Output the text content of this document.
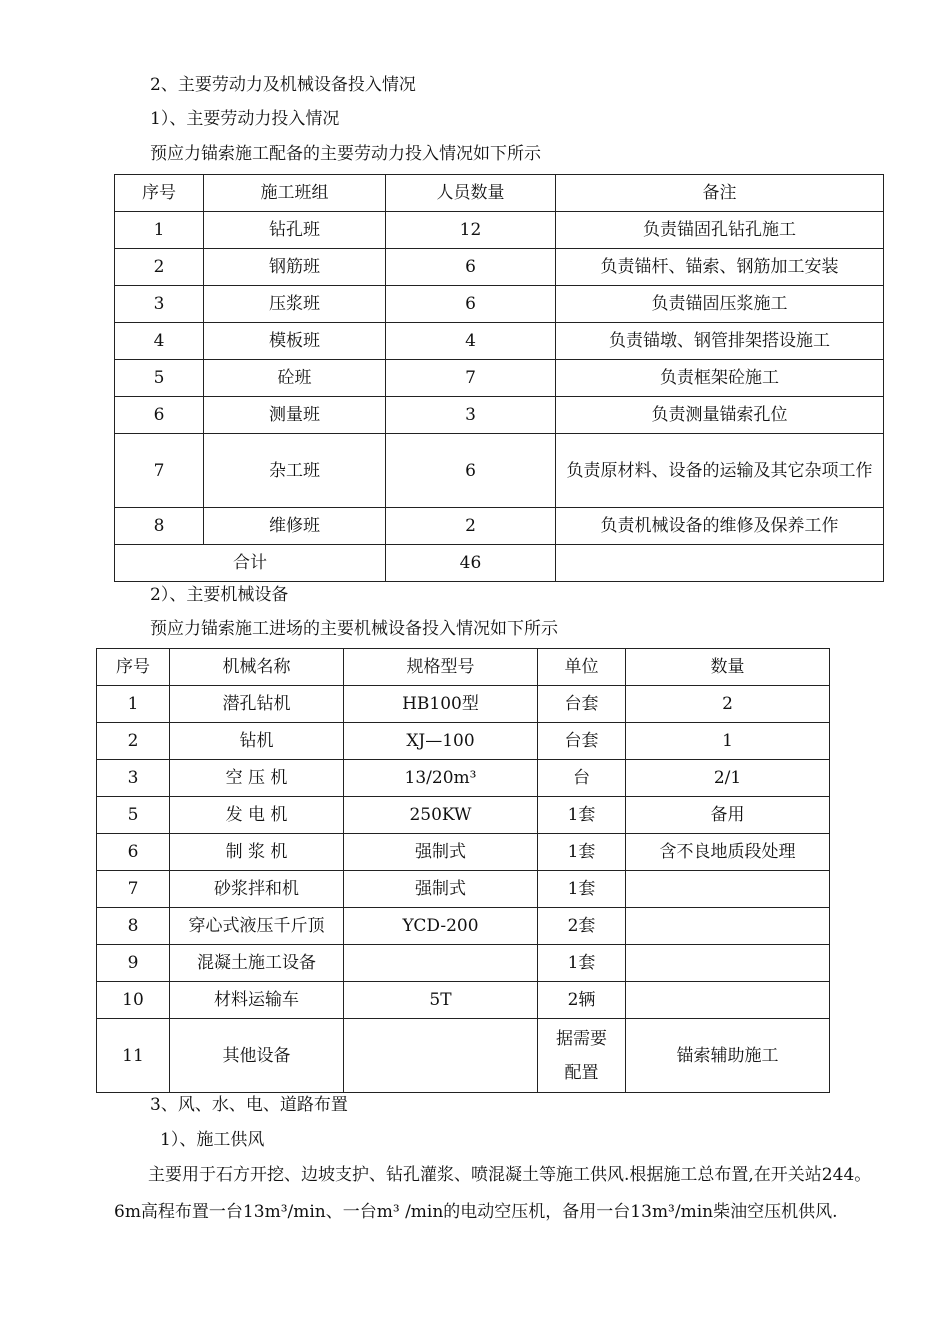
2、主要劳动力及机械设备投入情况
1）、主要劳动力投入情况
预应力锚索施工配备的主要劳动力投入情况如下所示
序号	施工班组	人员数量	备注
1	钻孔班	12	负责锚固孔钻孔施工
2	钢筋班	6	负责锚杆、锚索、钢筋加工安装
3	压浆班	6	负责锚固压浆施工
4	模板班	4	负责锚墩、钢管排架搭设施工
5	砼班	7	负责框架砼施工
6	测量班	3	负责测量锚索孔位
7	杂工班	6	负责原材料、设备的运输及其它杂项工作
8	维修班	2	负责机械设备的维修及保养工作
合计		46	
2）、主要机械设备
预应力锚索施工进场的主要机械设备投入情况如下所示
序号	机械名称	规格型号	单位	数量
1	潜孔钻机	HB100型	台套	2
2	钻机	XJ—100	台套	1
3	空 压 机	13/20m³	台	2/1
5	发 电 机	250KW	1套	备用
6	制 浆 机	强制式	1套	含不良地质段处理
7	砂浆拌和机	强制式	1套	
8	穿心式液压千斤顶	YCD-200	2套	
9	混凝土施工设备		1套	
10	材料运输车	5T	2辆	
11	其他设备		据需要配置	锚索辅助施工
3、风、水、电、道路布置
1）、施工供风
主要用于石方开挖、边坡支护、钻孔灌浆、喷混凝土等施工供风.根据施工总布置,在开关站244。6m高程布置一台13m³/min、一台m³ /min的电动空压机，备用一台13m³/min柴油空压机供风.
